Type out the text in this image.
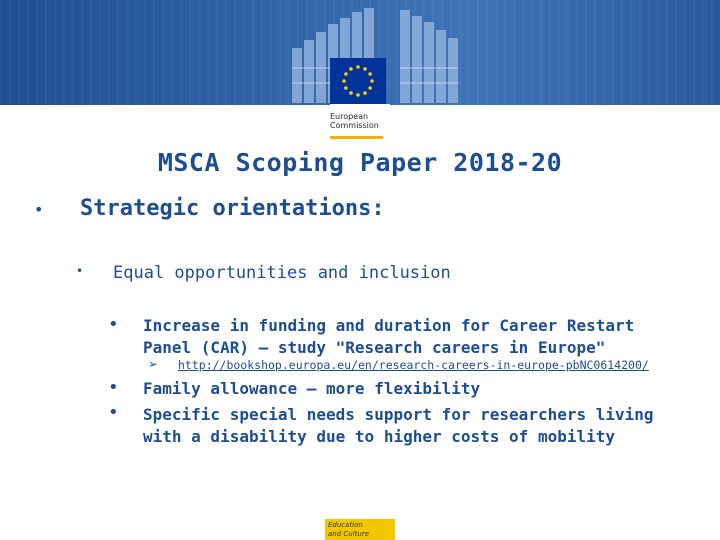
European
Commission
MSCA Scoping Paper 2018-20
• Strategic orientations:
• Equal opportunities and inclusion
• Increase in funding and duration for Career Restart
Panel (CAR) – study "Research careers in Europe"
➢ http://bookshop.europa.eu/en/research-careers-in-europe-pbNC0614200/
• Family allowance – more flexibility
• Specific special needs support for researchers living
with a disability due to higher costs of mobility
Education
and Culture
